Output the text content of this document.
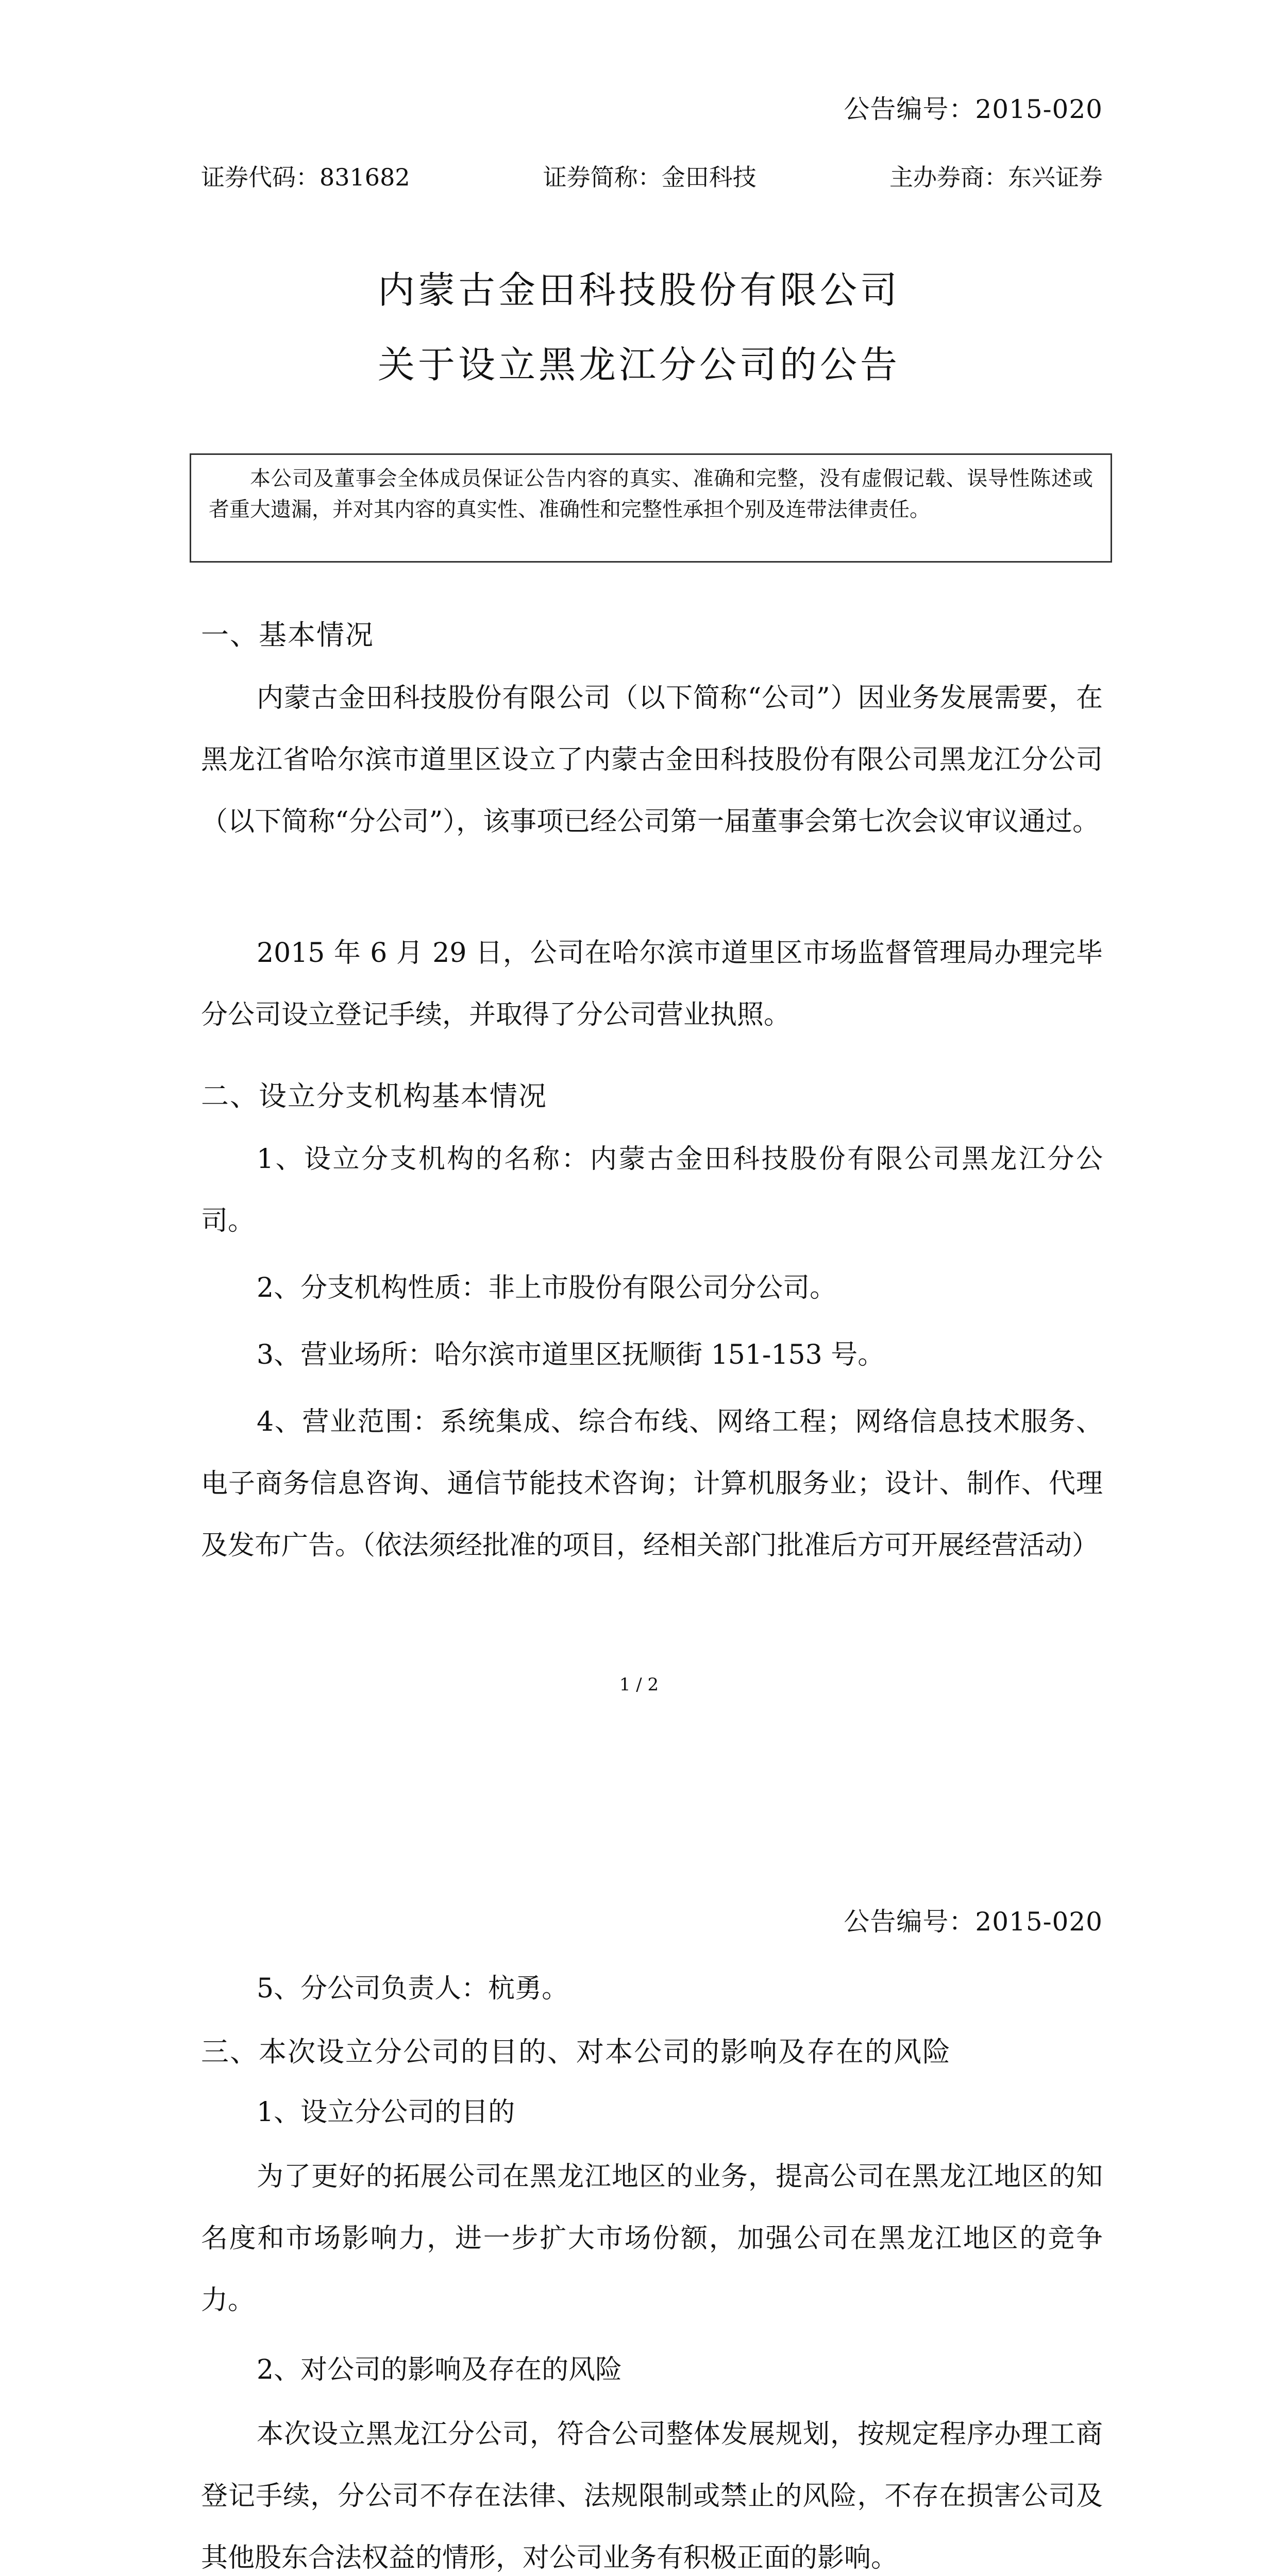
公告编号：2015-020
证券代码：831682	证券简称：金田科技	主办券商：东兴证券
内蒙古金田科技股份有限公司
关于设立黑龙江分公司的公告
本公司及董事会全体成员保证公告内容的真实、准确和完整，没有虚假记载、误导性陈述或者重大遗漏，并对其内容的真实性、准确性和完整性承担个别及连带法律责任。
一、基本情况
内蒙古金田科技股份有限公司（以下简称“公司”）因业务发展需要，在黑龙江省哈尔滨市道里区设立了内蒙古金田科技股份有限公司黑龙江分公司（以下简称“分公司”），该事项已经公司第一届董事会第七次会议审议通过。
2015 年 6 月 29 日，公司在哈尔滨市道里区市场监督管理局办理完毕分公司设立登记手续，并取得了分公司营业执照。
二、设立分支机构基本情况
1、设立分支机构的名称：内蒙古金田科技股份有限公司黑龙江分公司。
2、分支机构性质：非上市股份有限公司分公司。
3、营业场所：哈尔滨市道里区抚顺街 151-153 号。
4、营业范围：系统集成、综合布线、网络工程；网络信息技术服务、电子商务信息咨询、通信节能技术咨询；计算机服务业；设计、制作、代理及发布广告。（依法须经批准的项目，经相关部门批准后方可开展经营活动）
1 / 2
公告编号：2015-020
5、分公司负责人：杭勇。
三、本次设立分公司的目的、对本公司的影响及存在的风险
1、设立分公司的目的
为了更好的拓展公司在黑龙江地区的业务，提高公司在黑龙江地区的知名度和市场影响力，进一步扩大市场份额，加强公司在黑龙江地区的竞争力。
2、对公司的影响及存在的风险
本次设立黑龙江分公司，符合公司整体发展规划，按规定程序办理工商登记手续，分公司不存在法律、法规限制或禁止的风险，不存在损害公司及其他股东合法权益的情形，对公司业务有积极正面的影响。
